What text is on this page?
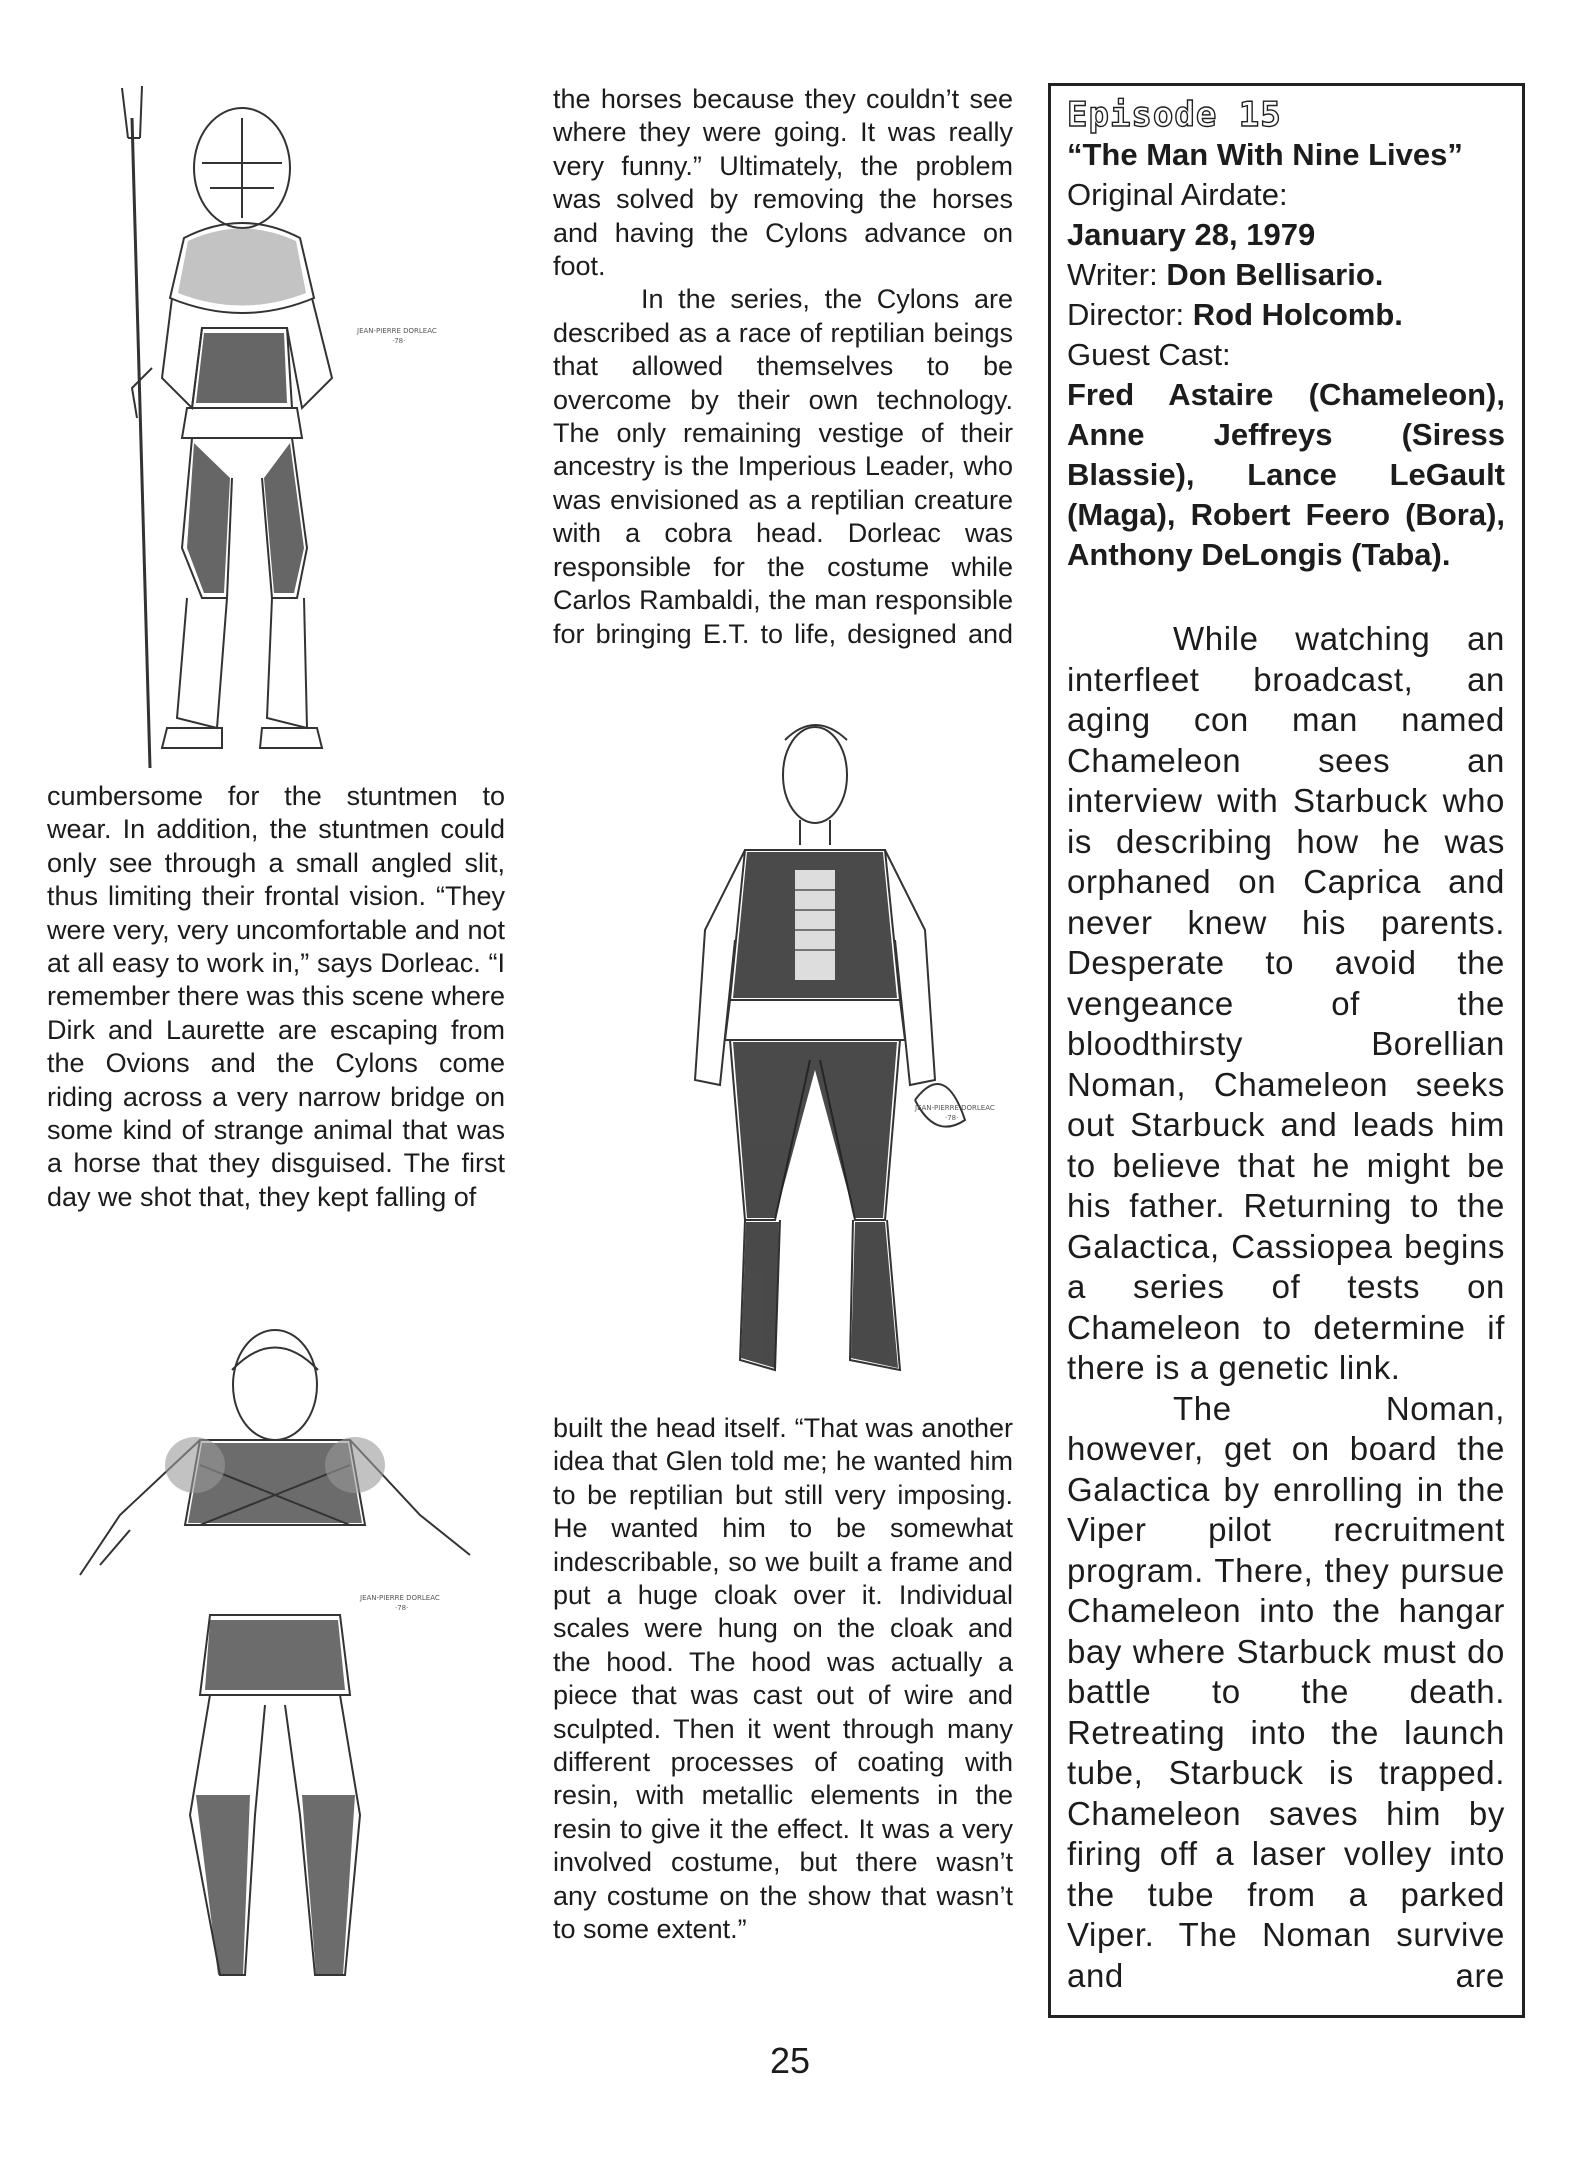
JEAN-PIERRE DORLEAC
·78·
JEAN-PIERRE DORLEAC
·78·
JEAN-PIERRE DORLEAC
·78·

cumbersome for the stuntmen to wear. In addition, the stuntmen could only see through a small angled slit, thus limiting their frontal vision. “They were very, very uncomfortable and not at all easy to work in,” says Dorleac. “I remember there was this scene where Dirk and Laurette are escaping from the Ovions and the Cylons come riding across a very narrow bridge on some kind of strange animal that was a horse that they disguised. The first day we shot that, they kept falling of

the horses because they couldn’t see where they were going. It was really very funny.” Ultimately, the problem was solved by removing the horses and having the Cylons advance on foot.

In the series, the Cylons are described as a race of reptilian beings that allowed themselves to be overcome by their own technology. The only remaining vestige of their ancestry is the Imperious Leader, who was envisioned as a reptilian creature with a cobra head. Dorleac was responsible for the costume while Carlos Rambaldi, the man responsible for bringing E.T. to life, designed and

built the head itself. “That was another idea that Glen told me; he wanted him to be reptilian but still very imposing. He wanted him to be somewhat indescribable, so we built a frame and put a huge cloak over it. Individual scales were hung on the cloak and the hood. The hood was actually a piece that was cast out of wire and sculpted. Then it went through many different processes of coating with resin, with metallic elements in the resin to give it the effect. It was a very involved costume, but there wasn’t any costume on the show that wasn’t to some extent.”

Episode 15
“The Man With Nine Lives”
Original Airdate:
January 28, 1979
Writer: Don Bellisario.
Director: Rod Holcomb.
Guest Cast:
Fred Astaire (Chameleon), Anne Jeffreys (Siress Blassie), Lance LeGault (Maga), Robert Feero (Bora), Anthony DeLongis (Taba).

While watching an interfleet broadcast, an aging con man named Chameleon sees an interview with Starbuck who is describing how he was orphaned on Caprica and never knew his parents. Desperate to avoid the vengeance of the bloodthirsty Borellian Noman, Chameleon seeks out Starbuck and leads him to believe that he might be his father. Returning to the Galactica, Cassiopea begins a series of tests on Chameleon to determine if there is a genetic link.

The Noman, however, get on board the Galactica by enrolling in the Viper pilot recruitment program. There, they pursue Chameleon into the hangar bay where Starbuck must do battle to the death. Retreating into the launch tube, Starbuck is trapped. Chameleon saves him by firing off a laser volley into the tube from a parked Viper. The Noman survive and are

25
